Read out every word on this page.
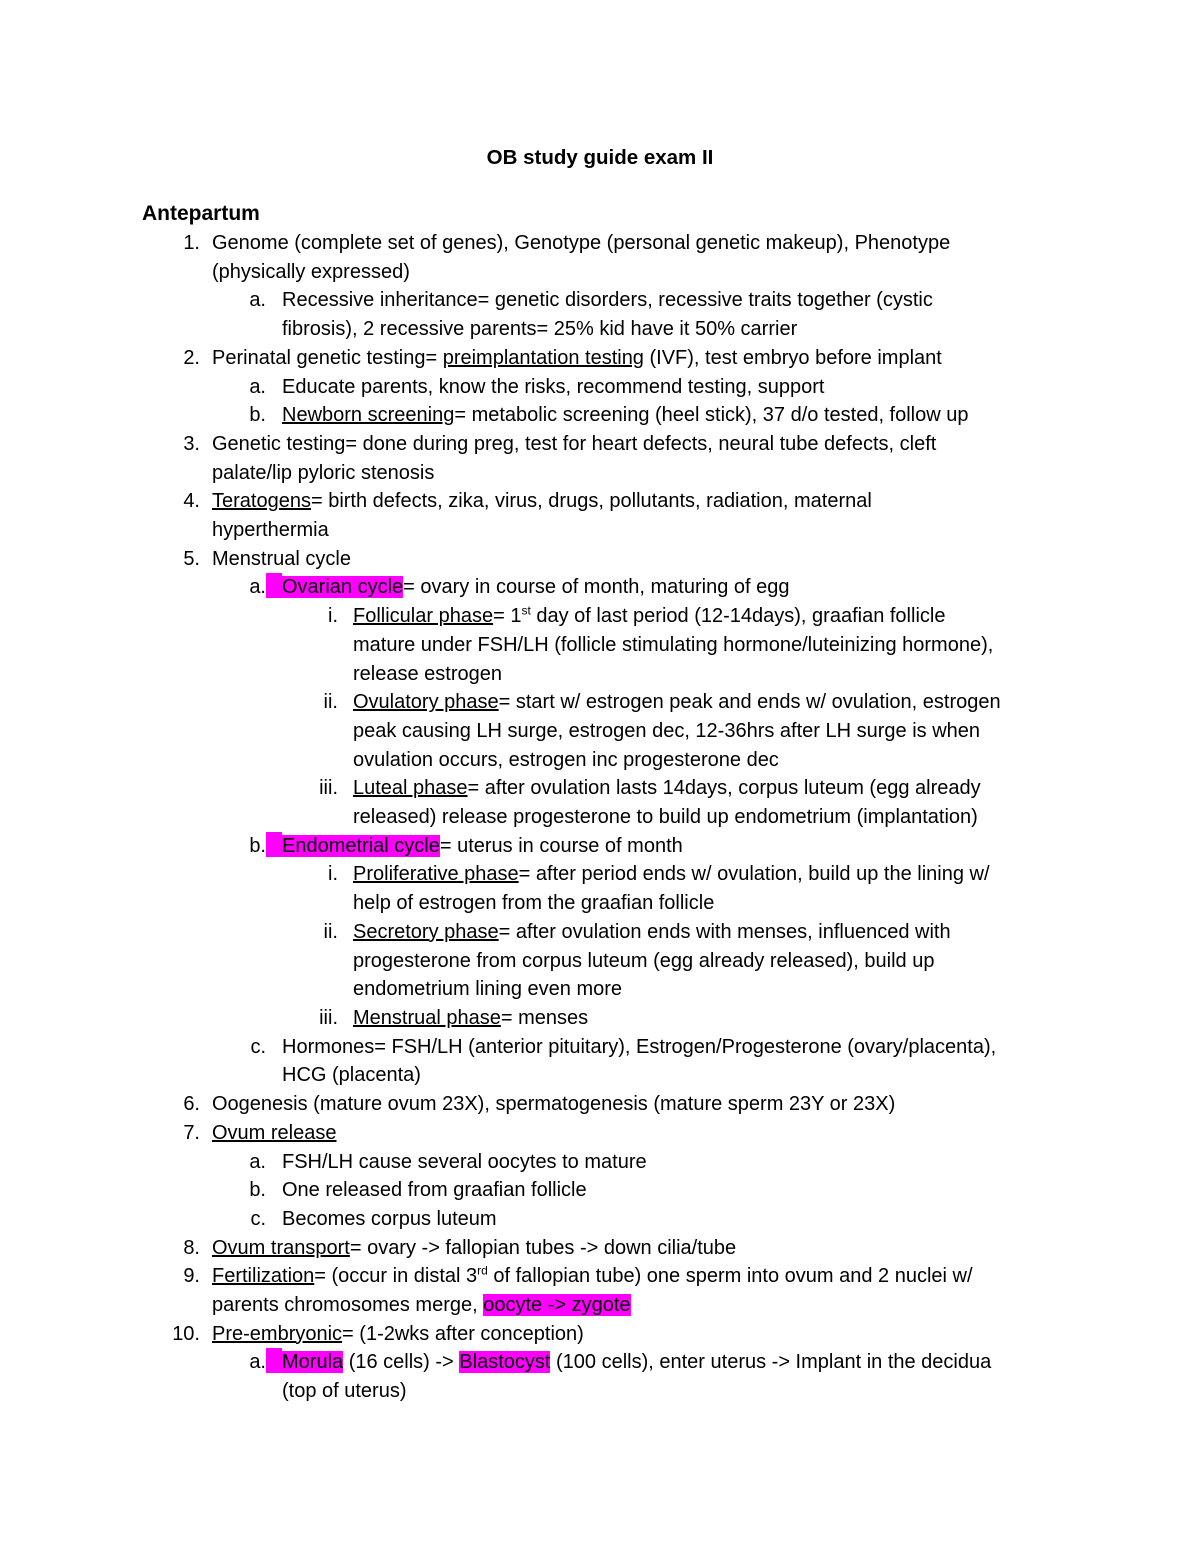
OB study guide exam II
Antepartum
1. Genome (complete set of genes), Genotype (personal genetic makeup), Phenotype
(physically expressed)
a. Recessive inheritance= genetic disorders, recessive traits together (cystic
fibrosis), 2 recessive parents= 25% kid have it 50% carrier
2. Perinatal genetic testing= preimplantation testing (IVF), test embryo before implant
a. Educate parents, know the risks, recommend testing, support
b. Newborn screening= metabolic screening (heel stick), 37 d/o tested, follow up
3. Genetic testing= done during preg, test for heart defects, neural tube defects, cleft
palate/lip pyloric stenosis
4. Teratogens= birth defects, zika, virus, drugs, pollutants, radiation, maternal
hyperthermia
5. Menstrual cycle
a. Ovarian cycle= ovary in course of month, maturing of egg
i. Follicular phase= 1st day of last period (12-14days), graafian follicle
mature under FSH/LH (follicle stimulating hormone/luteinizing hormone),
release estrogen
ii. Ovulatory phase= start w/ estrogen peak and ends w/ ovulation, estrogen
peak causing LH surge, estrogen dec, 12-36hrs after LH surge is when
ovulation occurs, estrogen inc progesterone dec
iii. Luteal phase= after ovulation lasts 14days, corpus luteum (egg already
released) release progesterone to build up endometrium (implantation)
b. Endometrial cycle= uterus in course of month
i. Proliferative phase= after period ends w/ ovulation, build up the lining w/
help of estrogen from the graafian follicle
ii. Secretory phase= after ovulation ends with menses, influenced with
progesterone from corpus luteum (egg already released), build up
endometrium lining even more
iii. Menstrual phase= menses
c. Hormones= FSH/LH (anterior pituitary), Estrogen/Progesterone (ovary/placenta),
HCG (placenta)
6. Oogenesis (mature ovum 23X), spermatogenesis (mature sperm 23Y or 23X)
7. Ovum release
a. FSH/LH cause several oocytes to mature
b. One released from graafian follicle
c. Becomes corpus luteum
8. Ovum transport= ovary -> fallopian tubes -> down cilia/tube
9. Fertilization= (occur in distal 3rd of fallopian tube) one sperm into ovum and 2 nuclei w/
parents chromosomes merge, oocyte -> zygote
10. Pre-embryonic= (1-2wks after conception)
a. Morula (16 cells) -> Blastocyst (100 cells), enter uterus -> Implant in the decidua
(top of uterus)
